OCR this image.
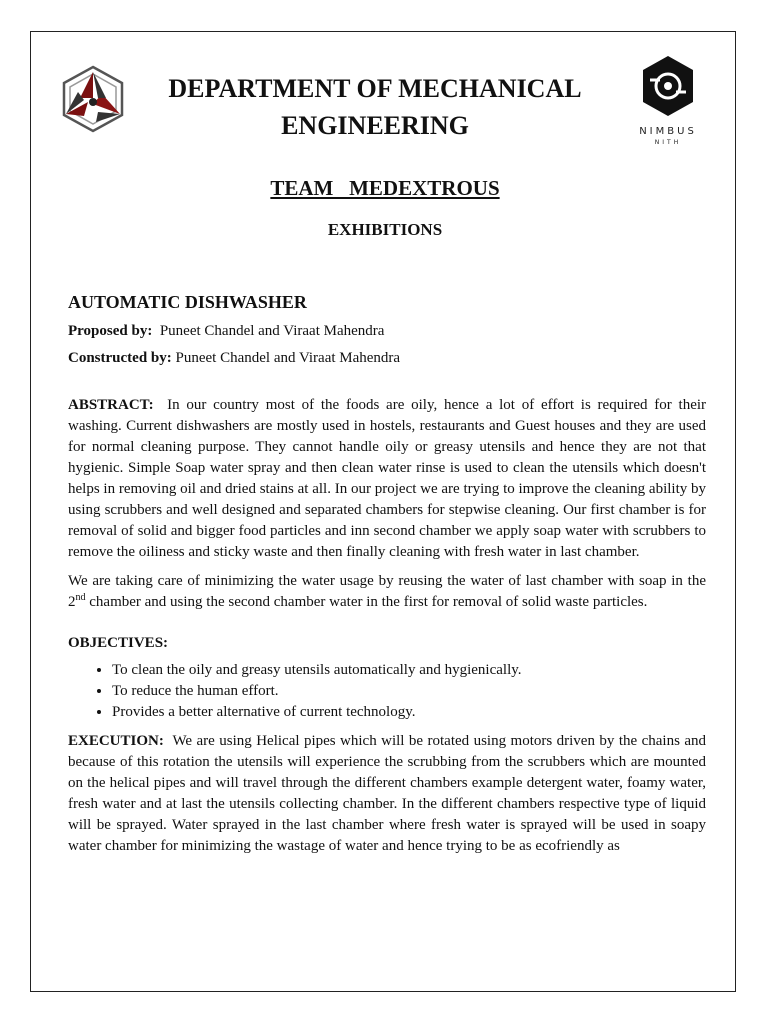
NIMBUS
NITH
DEPARTMENT OF MECHANICAL
ENGINEERING
TEAM   MEDEXTROUS
EXHIBITIONS
AUTOMATIC DISHWASHER
Proposed by: Puneet Chandel and Viraat Mahendra
Constructed by: Puneet Chandel and Viraat Mahendra

ABSTRACT: In our country most of the foods are oily, hence a lot of effort is required for their washing. Current dishwashers are mostly used in hostels, restaurants and Guest houses and they are used for normal cleaning purpose. They cannot handle oily or greasy utensils and hence they are not that hygienic. Simple Soap water spray and then clean water rinse is used to clean the utensils which doesn't helps in removing oil and dried stains at all. In our project we are trying to improve the cleaning ability by using scrubbers and well designed and separated chambers for stepwise cleaning. Our first chamber is for removal of solid and bigger food particles and inn second chamber we apply soap water with scrubbers to remove the oiliness and sticky waste and then finally cleaning with fresh water in last chamber.

We are taking care of minimizing the water usage by reusing the water of last chamber with soap in the 2nd chamber and using the second chamber water in the first for removal of solid waste particles.

OBJECTIVES:
• To clean the oily and greasy utensils automatically and hygienically.
• To reduce the human effort.
• Provides a better alternative of current technology.

EXECUTION: We are using Helical pipes which will be rotated using motors driven by the chains and because of this rotation the utensils will experience the scrubbing from the scrubbers which are mounted on the helical pipes and will travel through the different chambers example detergent water, foamy water, fresh water and at last the utensils collecting chamber. In the different chambers respective type of liquid will be sprayed. Water sprayed in the last chamber where fresh water is sprayed will be used in soapy water chamber for minimizing the wastage of water and hence trying to be as ecofriendly as
